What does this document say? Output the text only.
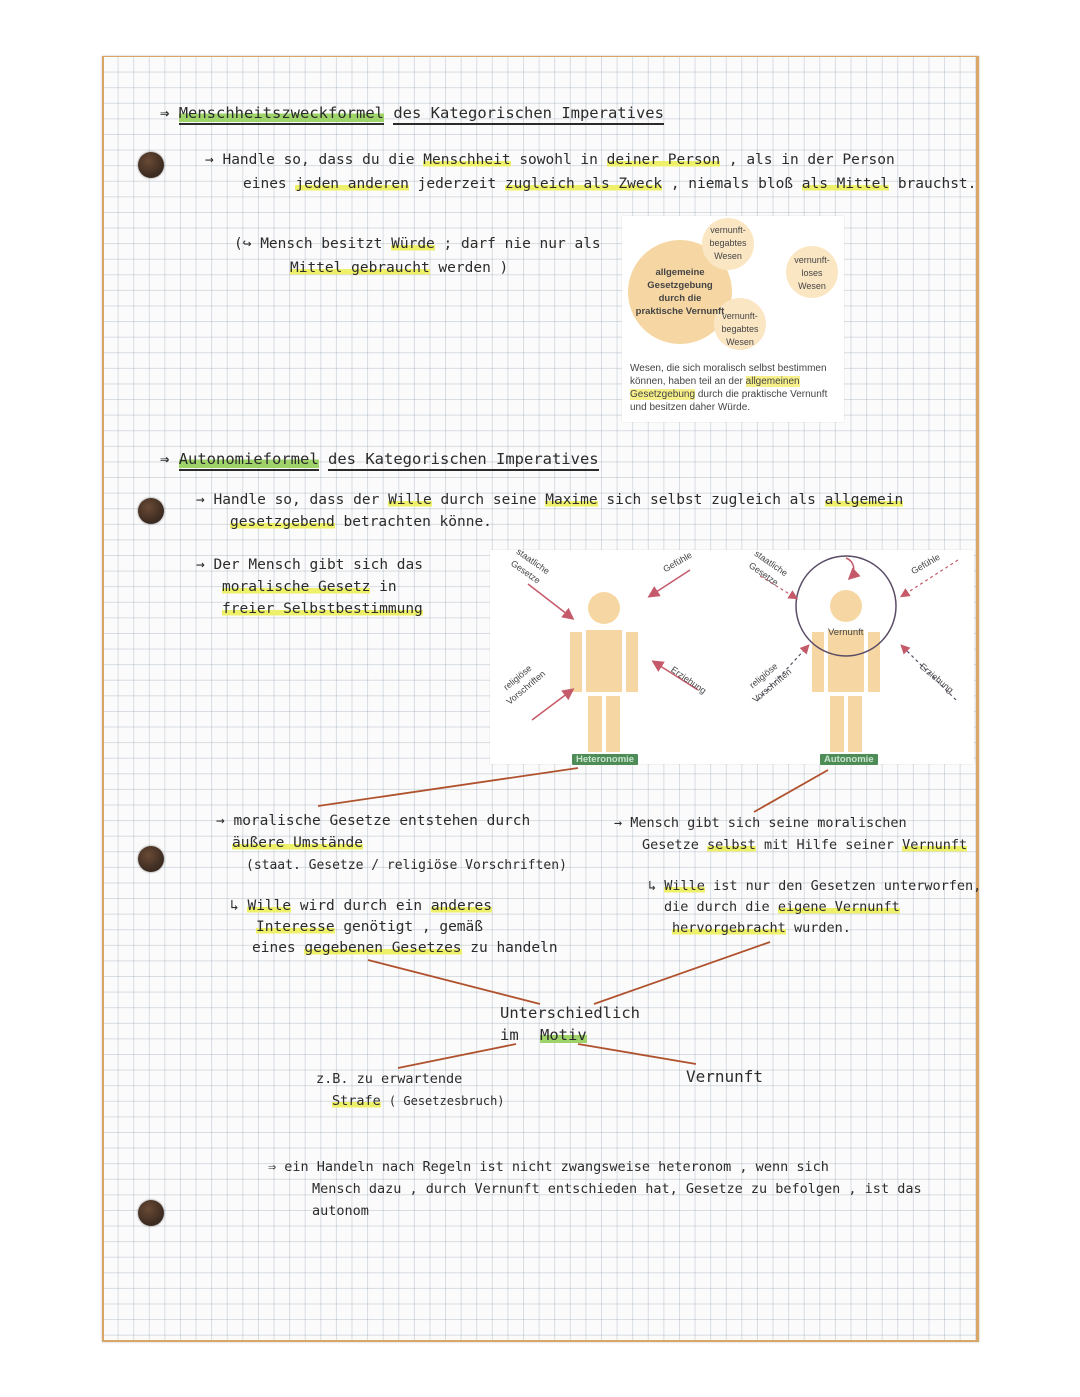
⇒ Menschheitszweckformel des Kategorischen Imperatives
→ Handle so, dass du die Menschheit sowohl in deiner Person , als in der Person
eines jeden anderen jederzeit zugleich als Zweck , niemals bloß als Mittel brauchst.
(↪ Mensch besitzt Würde ; darf nie nur als
Mittel gebraucht werden )	allgemeine Gesetzgebung durch die praktische Vernunft
vernunft-begabtes Wesen	vernunft-loses Wesen
vernunft-begabtes Wesen
Wesen, die sich moralisch selbst bestimmen können, haben teil an der allgemeinen Gesetzgebung durch die praktische Vernunft und besitzen daher Würde.
⇒ Autonomieformel des Kategorischen Imperatives
→ Handle so, dass der Wille durch seine Maxime sich selbst zugleich als allgemein
gesetzgebend betrachten könne.
→ Der Mensch gibt sich das
moralische Gesetz in
freier Selbstbestimmung
staatliche Gesetze	Gefühle
religiöse Vorschriften	Erziehung
Heteronomie
staatliche Gesetze	Gefühle
Vernunft
religiöse Vorschriften	Erziehung
Autonomie
→ moralische Gesetze entstehen durch
äußere Umstände
(staat. Gesetze / religiöse Vorschriften)
↳ Wille wird durch ein anderes
Interesse genötigt , gemäß
eines gegebenen Gesetzes zu handeln
→ Mensch gibt sich seine moralischen
Gesetze selbst mit Hilfe seiner Vernunft
↳ Wille ist nur den Gesetzen unterworfen,
die durch die eigene Vernunft
hervorgebracht wurden.
Unterschiedlich
im Motiv
z.B. zu erwartende
Strafe ( Gesetzesbruch)
Vernunft
⇒ ein Handeln nach Regeln ist nicht zwangsweise heteronom , wenn sich
Mensch dazu , durch Vernunft entschieden hat, Gesetze zu befolgen , ist das
autonom
